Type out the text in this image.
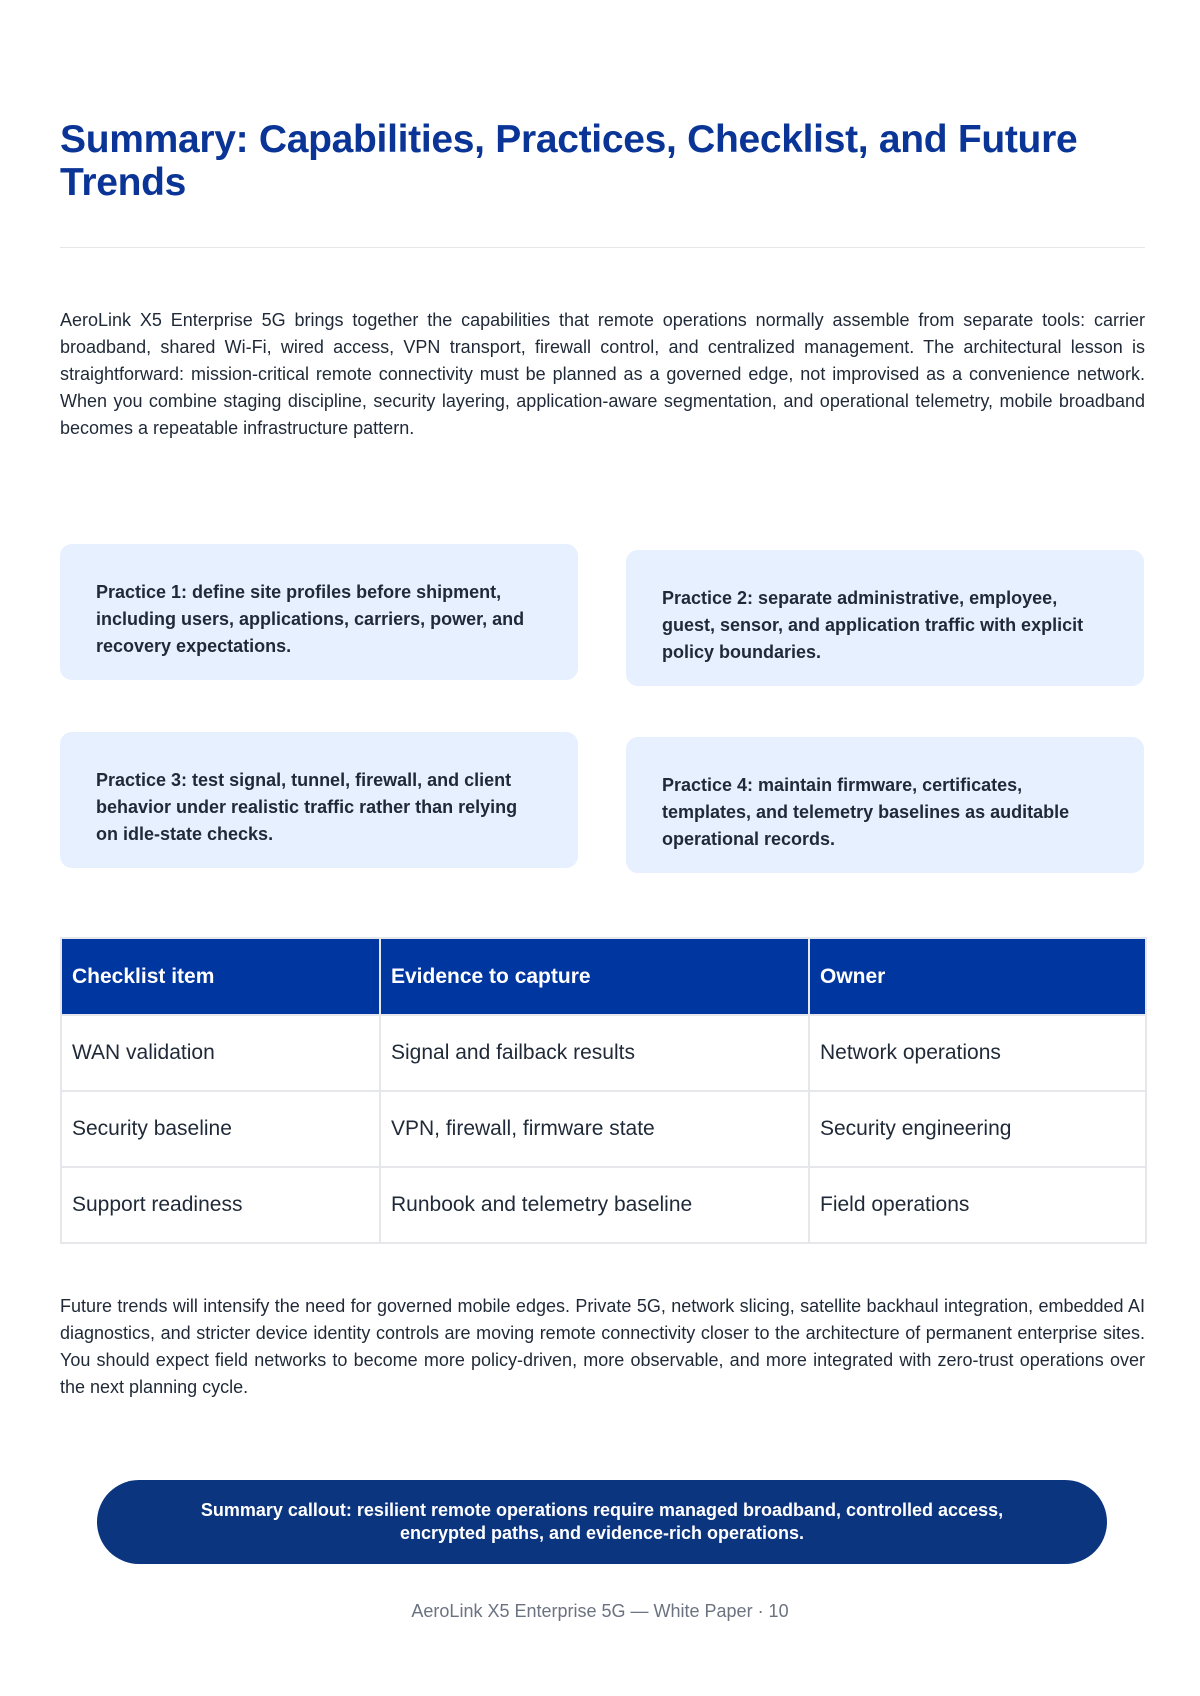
Summary: Capabilities, Practices, Checklist, and Future Trends

AeroLink X5 Enterprise 5G brings together the capabilities that remote operations normally assemble from separate tools: carrier broadband, shared Wi-Fi, wired access, VPN transport, firewall control, and centralized management. The architectural lesson is straightforward: mission-critical remote connectivity must be planned as a governed edge, not improvised as a convenience network. When you combine staging discipline, security layering, application-aware segmentation, and operational telemetry, mobile broadband becomes a repeatable infrastructure pattern.

Practice 1: define site profiles before shipment, including users, applications, carriers, power, and recovery expectations.
Practice 2: separate administrative, employee, guest, sensor, and application traffic with explicit policy boundaries.
Practice 3: test signal, tunnel, firewall, and client behavior under realistic traffic rather than relying on idle-state checks.
Practice 4: maintain firmware, certificates, templates, and telemetry baselines as auditable operational records.
Checklist item	Evidence to capture	Owner
WAN validation	Signal and failback results	Network operations
Security baseline	VPN, firewall, firmware state	Security engineering
Support readiness	Runbook and telemetry baseline	Field operations

Future trends will intensify the need for governed mobile edges. Private 5G, network slicing, satellite backhaul integration, embedded AI diagnostics, and stricter device identity controls are moving remote connectivity closer to the architecture of permanent enterprise sites. You should expect field networks to become more policy-driven, more observable, and more integrated with zero-trust operations over the next planning cycle.

Summary callout: resilient remote operations require managed broadband, controlled access, encrypted paths, and evidence-rich operations.
AeroLink X5 Enterprise 5G — White Paper · 10
